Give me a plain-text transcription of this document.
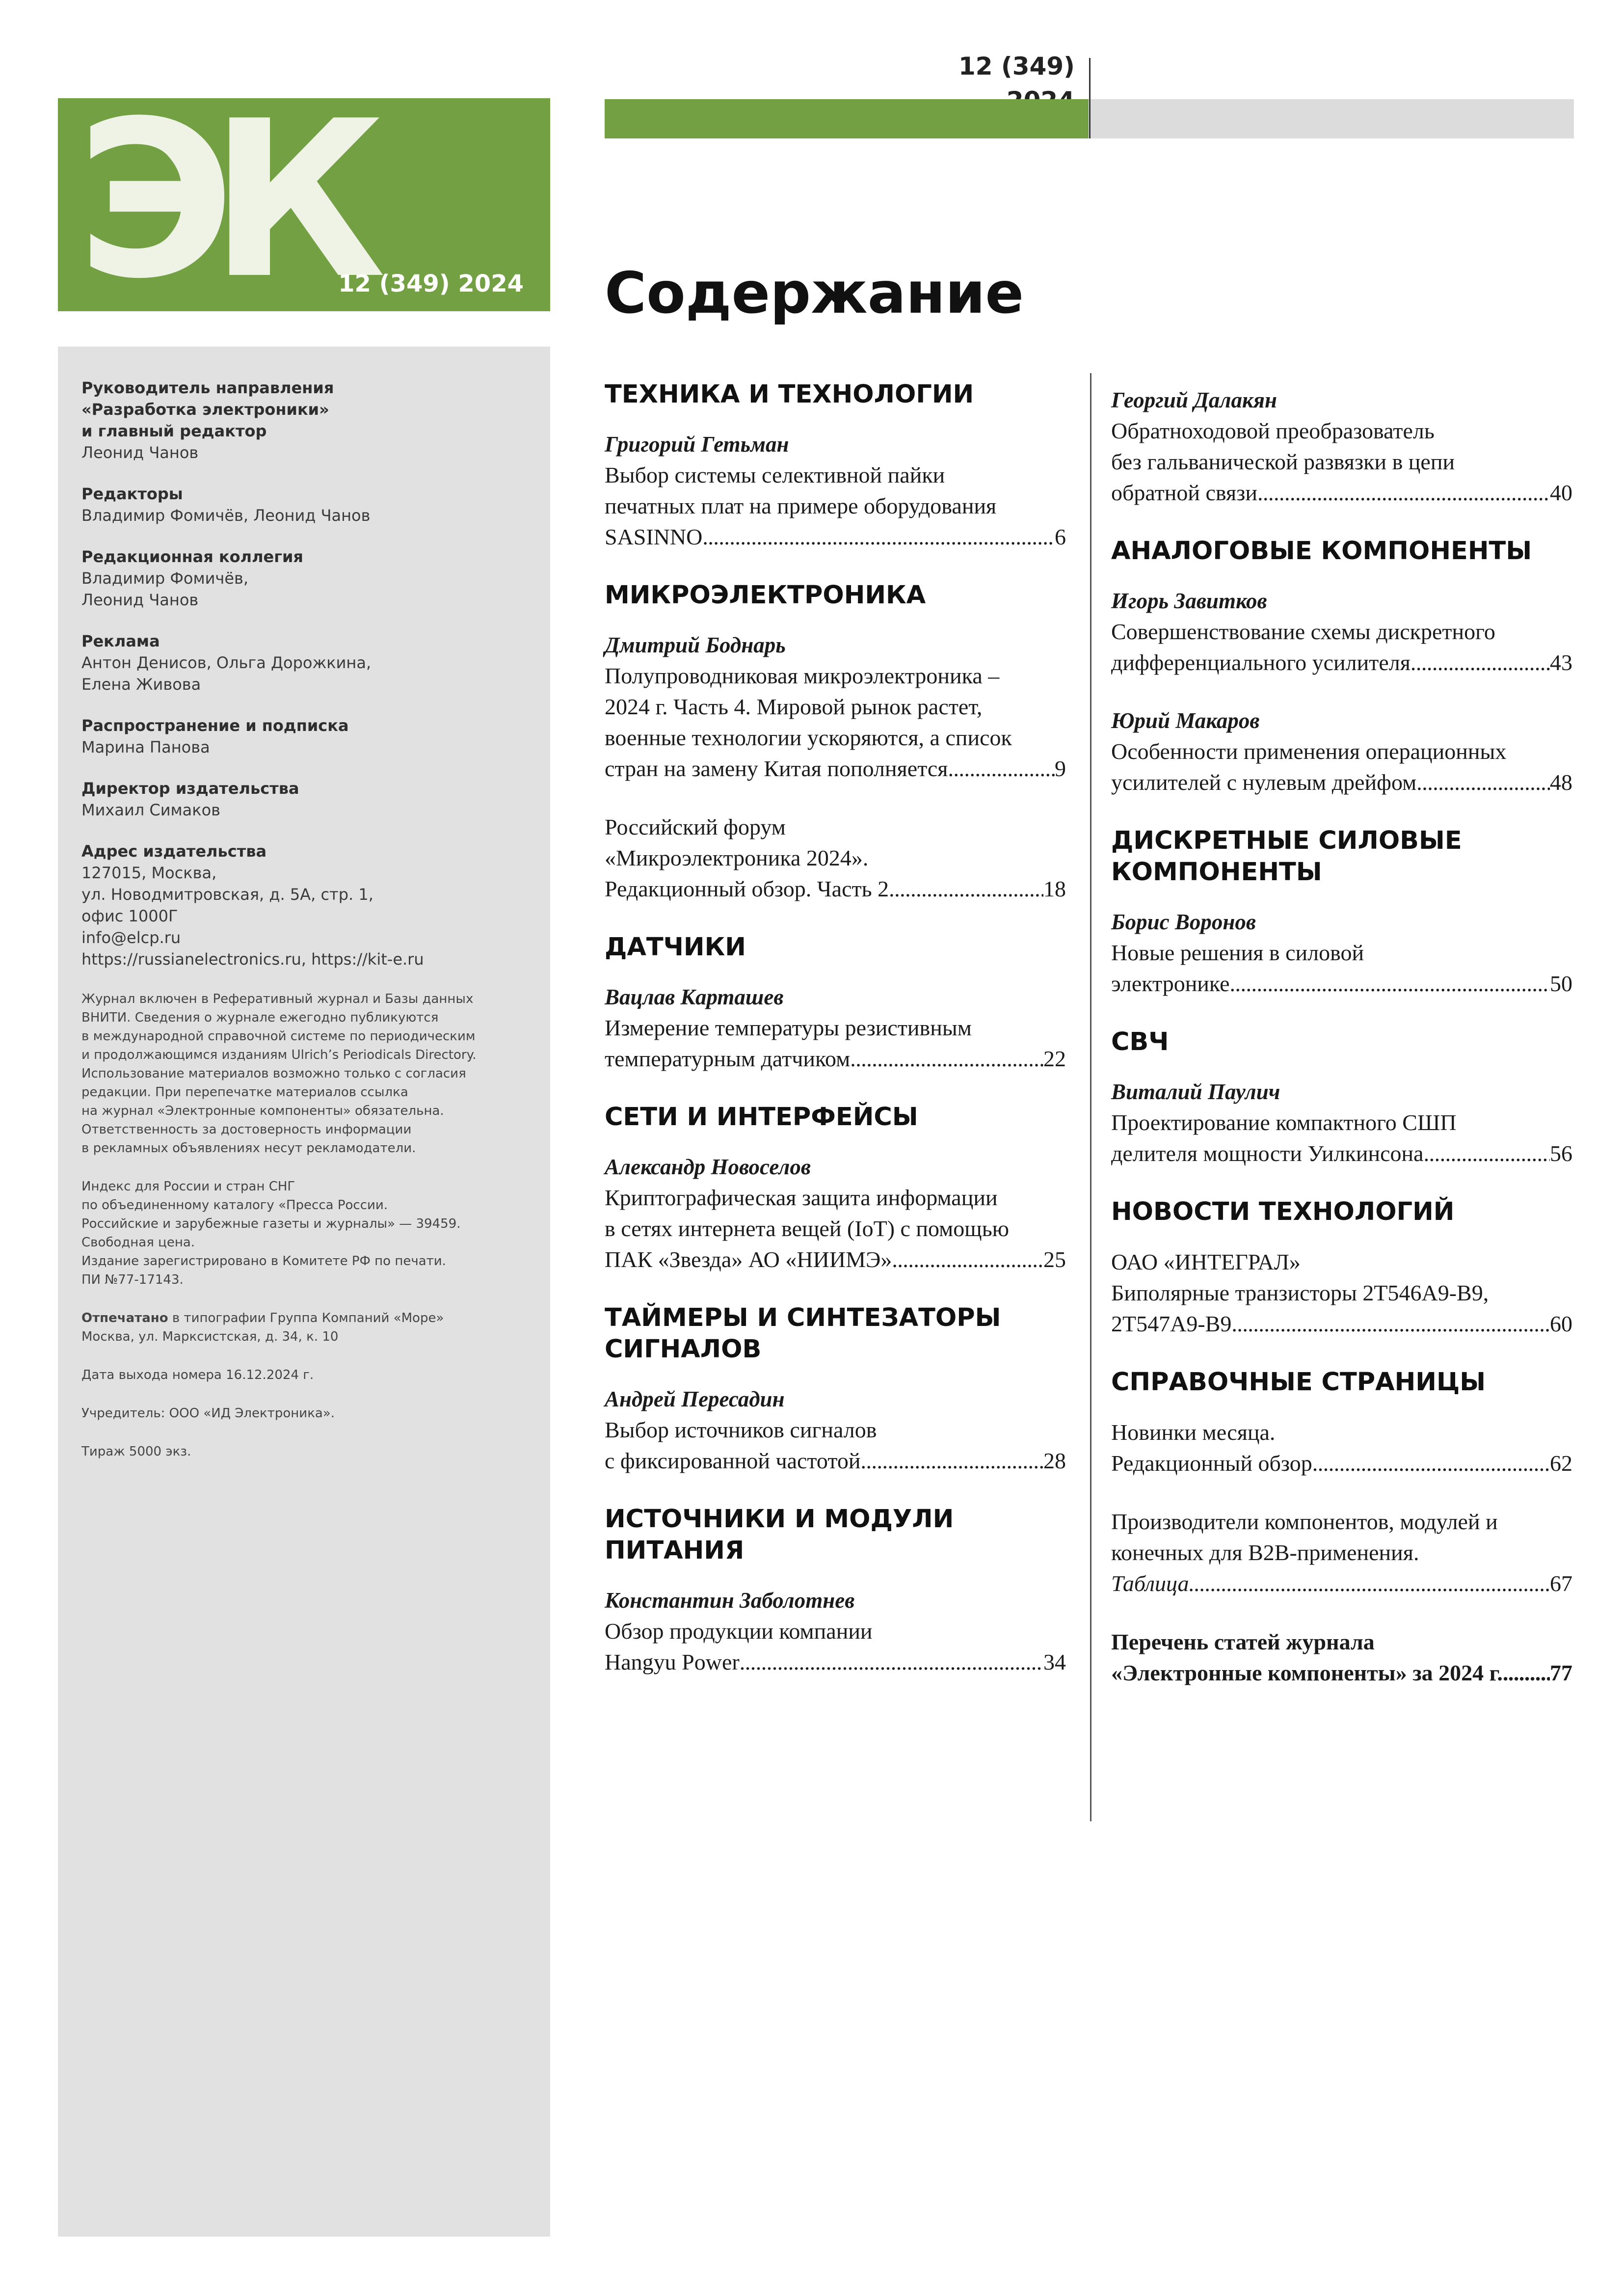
12 (349)
ЭК
12 (349) 2024
Руководитель направления
«Разработка электроники»
и главный редактор
Леонид Чанов
Редакторы
Владимир Фомичёв, Леонид Чанов
Редакционная коллегия
Владимир Фомичёв,
Леонид Чанов
Реклама
Антон Денисов, Ольга Дорожкина,
Елена Живова
Распространение и подписка
Марина Панова
Директор издательства
Михаил Симаков
Адрес издательства
127015, Москва,
ул. Новодмитровская, д. 5А, стр. 1,
офис 1000Г
info@elcp.ru
https://russianelectronics.ru, https://kit-e.ru
Журнал включен в Реферативный журнал и Базы данных
ВНИТИ. Сведения о журнале ежегодно публикуются
в международной справочной системе по периодическим
и продолжающимся изданиям Ulrich’s Periodicals Directory.
Использование материалов возможно только с согласия
редакции. При перепечатке материалов ссылка
на журнал «Электронные компоненты» обязательна.
Ответственность за достоверность информации
в рекламных объявлениях несут рекламодатели.
Индекс для России и стран СНГ
по объединенному каталогу «Пресса России.
Российские и зарубежные газеты и журналы» — 39459.
Свободная цена.
Издание зарегистрировано в Комитете РФ по печати.
ПИ №77-17143.
Отпечатано в типографии Группа Компаний «Море»
Москва, ул. Марксистская, д. 34, к. 10
Дата выхода номера 16.12.2024 г.
Учредитель: ООО «ИД Электроника».
Тираж 5000 экз.
Содержание
ТЕХНИКА И ТЕХНОЛОГИИ
Григорий Гетьман
Выбор системы селективной пайки
печатных плат на примере оборудования
SASINNO . . .	6
МИКРОЭЛЕКТРОНИКА
Дмитрий Боднарь
Полупроводниковая микроэлектроника –
2024 г. Часть 4. Мировой рынок растет,
военные технологии ускоряются, а список
стран на замену Китая пополняется . . .	9
Российский форум
«Микроэлектроника 2024».
Редакционный обзор. Часть 2 . . .	18
ДАТЧИКИ
Вацлав Карташев
Измерение температуры резистивным
температурным датчиком . . .	22
СЕТИ И ИНТЕРФЕЙСЫ
Александр Новоселов
Криптографическая защита информации
в сетях интернета вещей (IoT) с помощью
ПАК «Звезда» АО «НИИМЭ» . . .	25
ТАЙМЕРЫ И СИНТЕЗАТОРЫ
СИГНАЛОВ
Андрей Пересадин
Выбор источников сигналов
с фиксированной частотой . . .	28
ИСТОЧНИКИ И МОДУЛИ
ПИТАНИЯ
Константин Заболотнев
Обзор продукции компании
Hangyu Power . . .	34
Георгий Далакян
Обратноходовой преобразователь
без гальванической развязки в цепи
обратной связи . . .	40
АНАЛОГОВЫЕ КОМПОНЕНТЫ
Игорь Завитков
Совершенствование схемы дискретного
дифференциального усилителя . . .	43
Юрий Макаров
Особенности применения операционных
усилителей с нулевым дрейфом . . .	48
ДИСКРЕТНЫЕ СИЛОВЫЕ
КОМПОНЕНТЫ
Борис Воронов
Новые решения в силовой
электронике . . .	50
СВЧ
Виталий Паулич
Проектирование компактного СШП
делителя мощности Уилкинсона . . .	56
НОВОСТИ ТЕХНОЛОГИЙ
ОАО «ИНТЕГРАЛ»
Биполярные транзисторы 2Т546А9-В9,
2Т547А9-В9 . . .	60
СПРАВОЧНЫЕ СТРАНИЦЫ
Новинки месяца.
Редакционный обзор . . .	62
Производители компонентов, модулей и
конечных для B2B-применения.
Таблица . . .	67
Перечень статей журнала
«Электронные компоненты» за 2024 г. . . . 77
